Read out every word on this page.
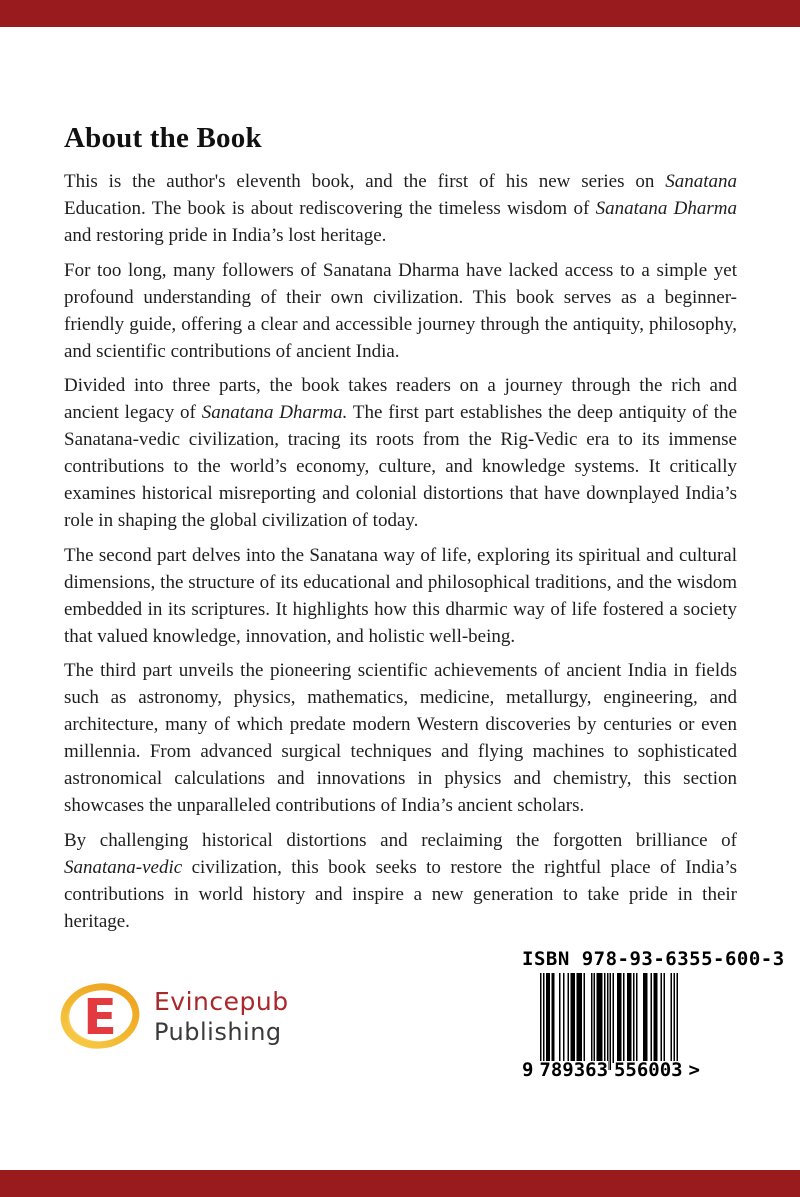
About the Book

This is the author's eleventh book, and the first of his new series on Sanatana Education. The book is about rediscovering the timeless wisdom of Sanatana Dharma and restoring pride in India’s lost heritage.

For too long, many followers of Sanatana Dharma have lacked access to a simple yet profound understanding of their own civilization. This book serves as a beginner-friendly guide, offering a clear and accessible journey through the antiquity, philosophy, and scientific contributions of ancient India.

Divided into three parts, the book takes readers on a journey through the rich and ancient legacy of Sanatana Dharma. The first part establishes the deep antiquity of the Sanatana-vedic civilization, tracing its roots from the Rig-Vedic era to its immense contributions to the world’s economy, culture, and knowledge systems. It critically examines historical misreporting and colonial distortions that have downplayed India’s role in shaping the global civilization of today.

The second part delves into the Sanatana way of life, exploring its spiritual and cultural dimensions, the structure of its educational and philosophical traditions, and the wisdom embedded in its scriptures. It highlights how this dharmic way of life fostered a society that valued knowledge, innovation, and holistic well-being.

The third part unveils the pioneering scientific achievements of ancient India in fields such as astronomy, physics, mathematics, medicine, metallurgy, engineering, and architecture, many of which predate modern Western discoveries by centuries or even millennia. From advanced surgical techniques and flying machines to sophisticated astronomical calculations and innovations in physics and chemistry, this section showcases the unparalleled contributions of India’s ancient scholars.

By challenging historical distortions and reclaiming the forgotten brilliance of Sanatana-vedic civilization, this book seeks to restore the rightful place of India’s contributions in world history and inspire a new generation to take pride in their heritage.

E	Evincepub
Publishing
ISBN 978-93-6355-600-3
9 789363 556003 >
